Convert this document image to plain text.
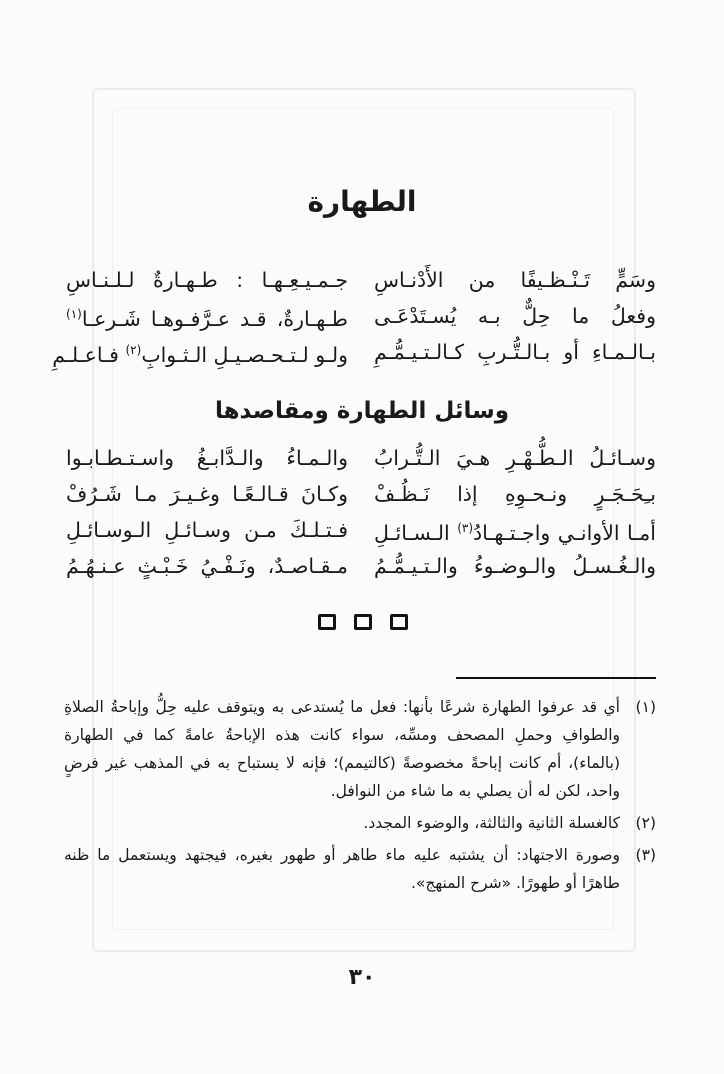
الطهارة
وسَمٍّ تَـنْـظـيفًا من الأَدْنـاسِ
جـمـيـعِـهـا : طـهـارةٌ لـلـنـاسِ
وفعلُ ما حِلٌّ بـه يُسـتَدْعَـى
طـهـارةٌ، قـد عـرَّفـوهـا شَـرعـا$^{(١)}$
بـالـمـاءِ أو بـالـتُّـربِ كـالـتـيـمُّـمِ
ولـو لـتـحـصـيـلِ الـثـوابِ$^{(٢)}$ فـاعـلـمِ
وسائل الطهارة ومقاصدها
وسـائـلُ الـطُّـهْـرِ هـيَ الـتُّـرابُ
والـمـاءُ والـدَّابـغُ واسـتـطـابـوا
بـِحَـجَـرٍ ونـحـوِهِ إذا نَـظُـفْ
وكـانَ قـالـعًـا وغـيـرَ مـا شَـرُفْ
أمـا الأوانـي واجـتـهـادُ$^{(٣)}$ الـسـائـلِ
فـتـلـكَ مـن وسـائـلِ الـوسـائـلِ
والـغُـسـلُ والـوضـوءُ والـتـيـمُّـمُ
مـقـاصـدٌ، ونَـفْـيُ خَـبْـثٍ عـنـهُـمُ
(١)
أي قد عرفوا الطهارة شرعًا بأنها: فعل ما يُستدعى به ويتوقف عليه حِلُّ وإباحةُ الصلاةِ والطوافِ وحملِ المصحف ومسِّه، سواء كانت هذه الإباحةُ عامةً كما في الطهارة (بالماء)، أم كانت إباحةً مخصوصةً (كالتيمم)؛ فإنه لا يستباح به في المذهب غير فرضٍ واحد، لكن له أن يصلي به ما شاء من النوافل.
(٢)
كالغسلة الثانية والثالثة، والوضوء المجدد.
(٣)
وصورة الاجتهاد: أن يشتبه عليه ماء طاهر أو طهور بغيره، فيجتهد ويستعمل ما ظنه طاهرًا أو طهورًا. «شرح المنهج».
٣٠
